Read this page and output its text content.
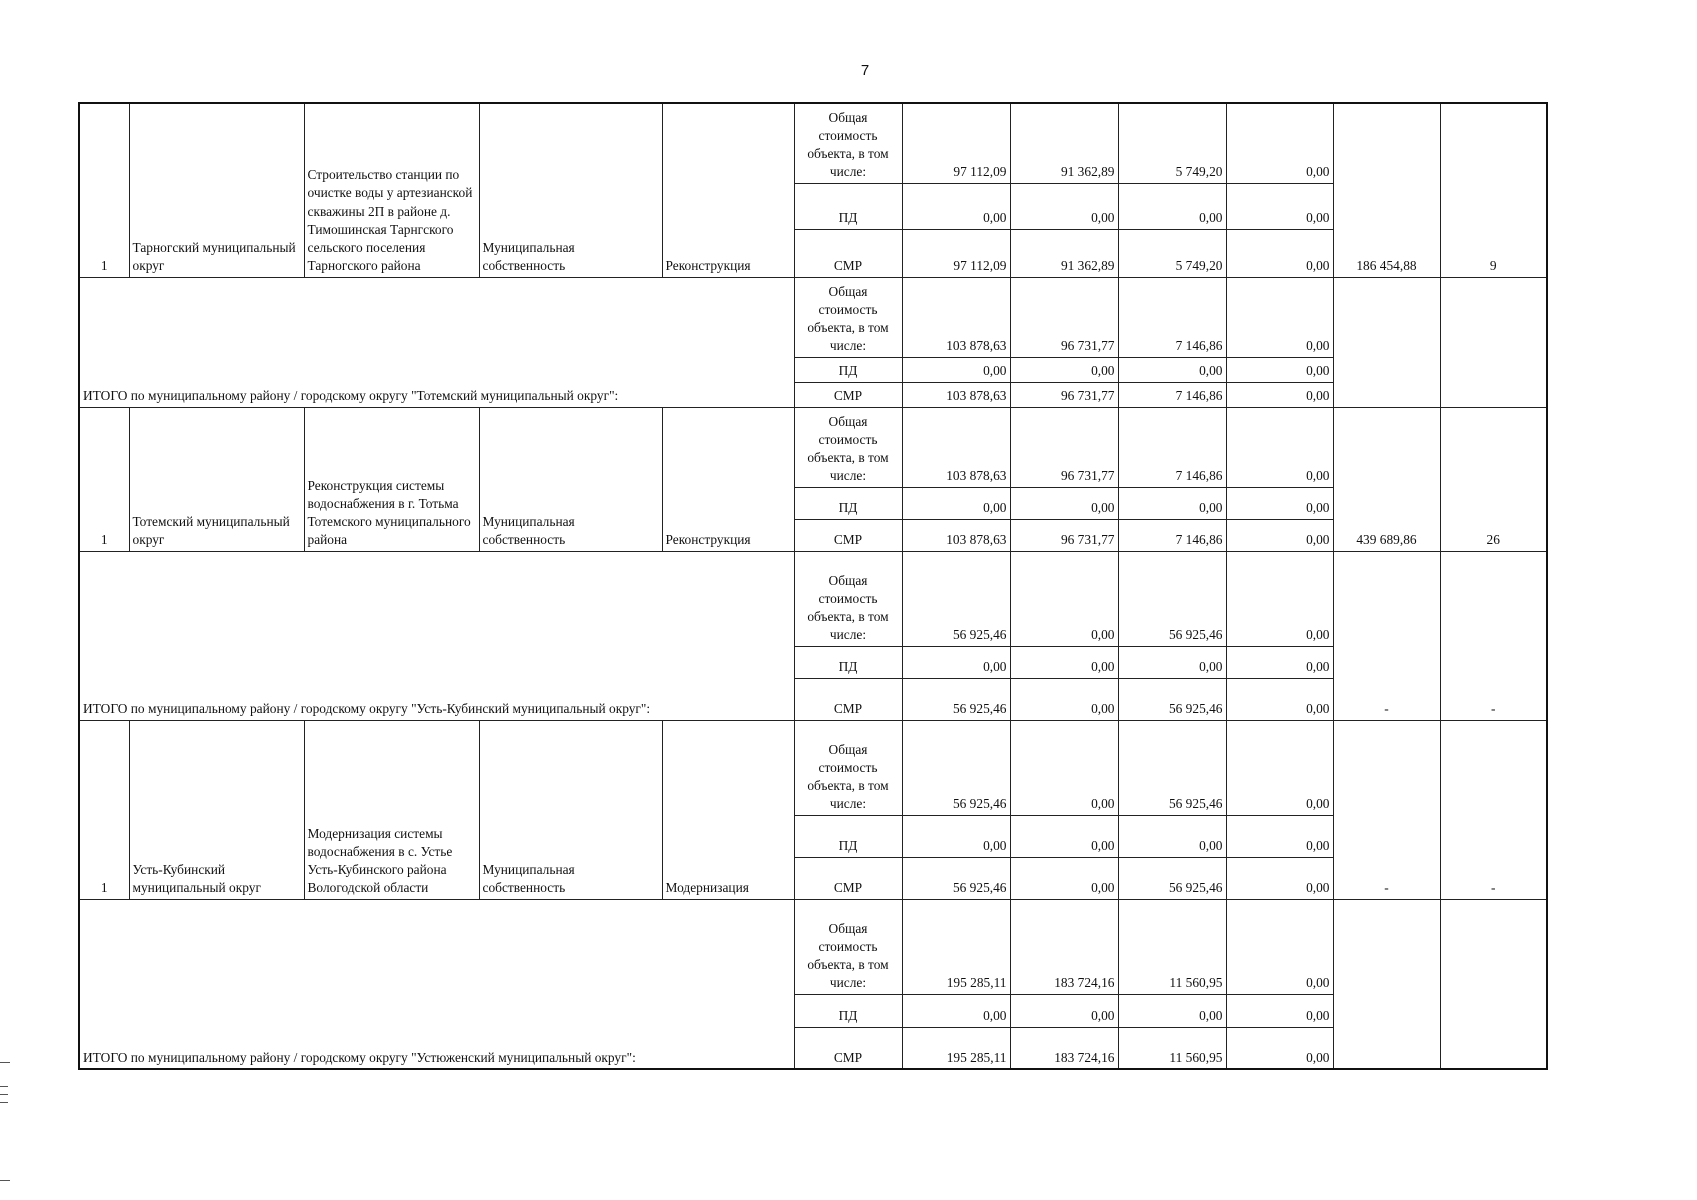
7
1	Тарногский муниципальный округ	Строительство станции по очистке воды у артезианской скважины 2П в районе д. Тимошинская Тарнгского сельского поселения Тарногского района	Муниципальная собственность	Реконструкция	Общая стоимость объекта, в том числе:	97 112,09	91 362,89	5 749,20	0,00	186 454,88	9
					ПД	0,00	0,00	0,00	0,00		
					СМР	97 112,09	91 362,89	5 749,20	0,00		
ИТОГО по муниципальному району / городскому округу "Тотемский муниципальный округ":					Общая стоимость объекта, в том числе:	103 878,63	96 731,77	7 146,86	0,00		
					ПД	0,00	0,00	0,00	0,00		
					СМР	103 878,63	96 731,77	7 146,86	0,00		
1	Тотемский муниципальный округ	Реконструкция системы водоснабжения в г. Тотьма Тотемского муниципального района	Муниципальная собственность	Реконструкция	Общая стоимость объекта, в том числе:	103 878,63	96 731,77	7 146,86	0,00	439 689,86	26
					ПД	0,00	0,00	0,00	0,00		
					СМР	103 878,63	96 731,77	7 146,86	0,00		
ИТОГО по муниципальному району / городскому округу "Усть-Кубинский муниципальный округ":					Общая стоимость объекта, в том числе:	56 925,46	0,00	56 925,46	0,00	-	-
					ПД	0,00	0,00	0,00	0,00		
					СМР	56 925,46	0,00	56 925,46	0,00		
1	Усть-Кубинский муниципальный округ	Модернизация системы водоснабжения в с. Устье Усть-Кубинского района Вологодской области	Муниципальная собственность	Модернизация	Общая стоимость объекта, в том числе:	56 925,46	0,00	56 925,46	0,00	-	-
					ПД	0,00	0,00	0,00	0,00		
					СМР	56 925,46	0,00	56 925,46	0,00		
ИТОГО по муниципальному району / городскому округу "Устюженский муниципальный округ":					Общая стоимость объекта, в том числе:	195 285,11	183 724,16	11 560,95	0,00		
					ПД	0,00	0,00	0,00	0,00		
					СМР	195 285,11	183 724,16	11 560,95	0,00		
